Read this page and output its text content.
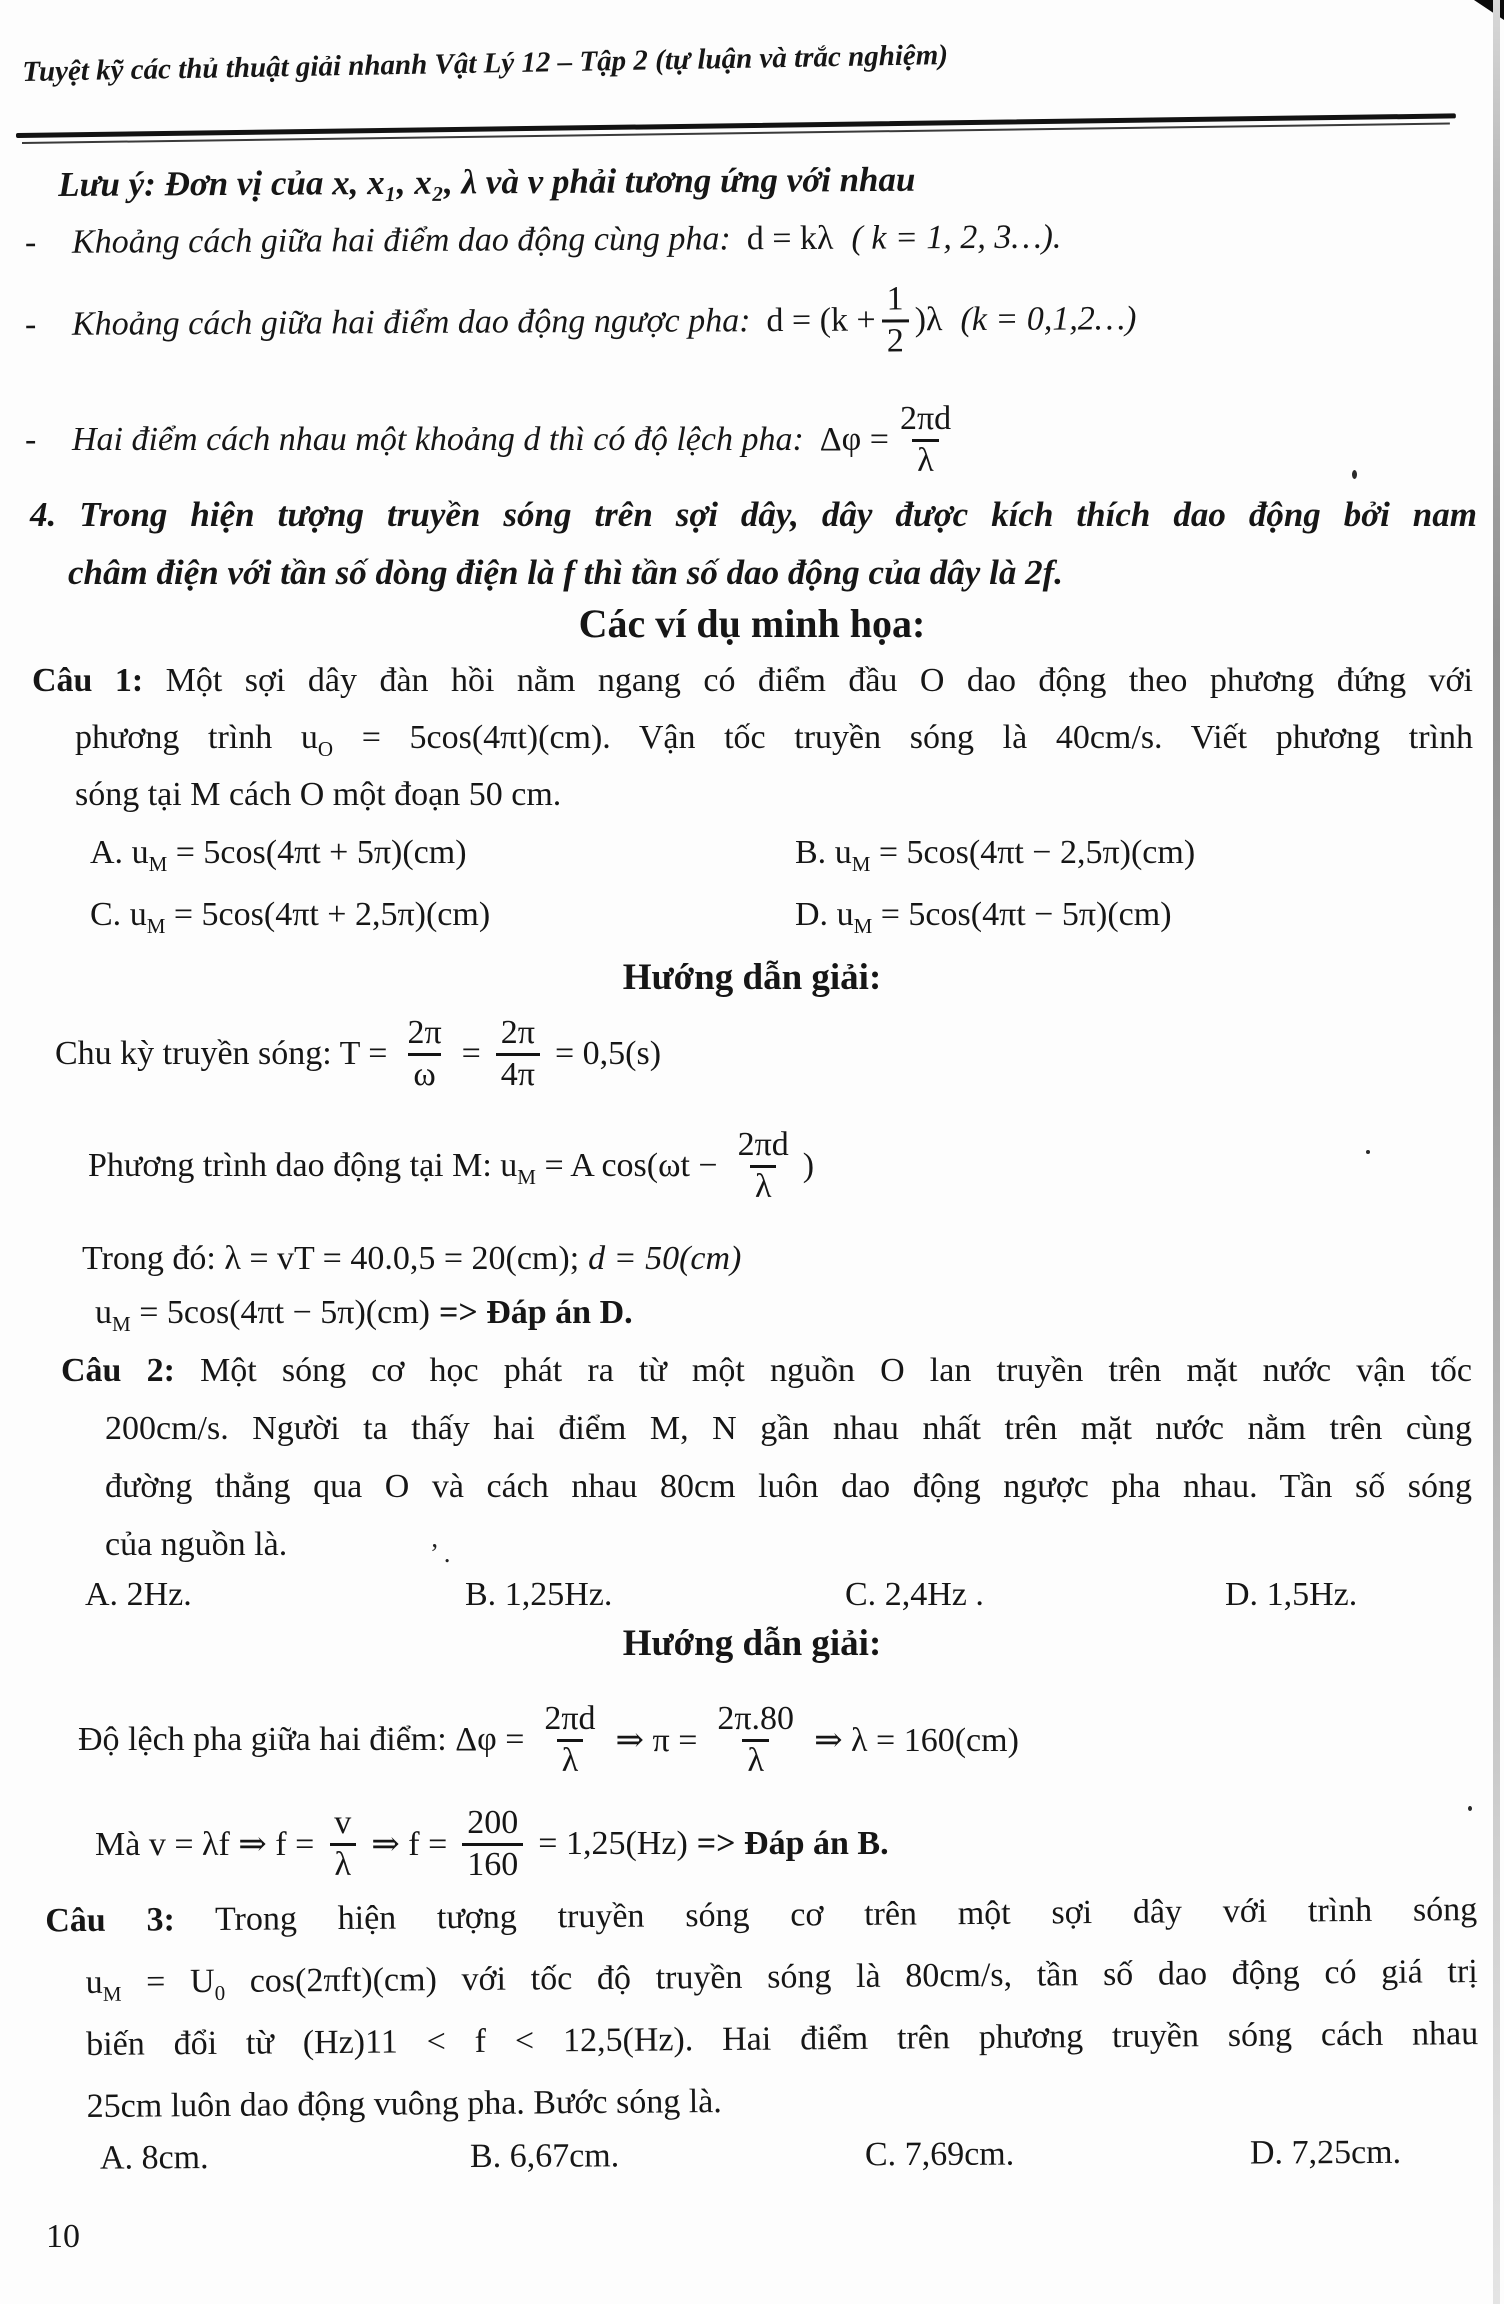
’ .
Tuyệt kỹ các thủ thuật giải nhanh Vật Lý 12 – Tập 2 (tự luận và trắc nghiệm)
Lưu ý: Đơn vị của x, x₁, x₂, λ và v phải tương ứng với nhau
-	Khoảng cách giữa hai điểm dao động cùng pha: d = kλ ( k = 1, 2, 3…).
-	Khoảng cách giữa hai điểm dao động ngược pha: $d = (k + \frac{1}{2} )\lambda$ (k = 0,1,2…)
-	Hai điểm cách nhau một khoảng d thì có độ lệch pha: $\Delta\varphi = \frac{2\pi d}{\lambda}$
4. Trong hiện tượng truyền sóng trên sợi dây, dây được kích thích dao động bởi nam
châm điện với tần số dòng điện là f thì tần số dao động của dây là 2f.
Các ví dụ minh họa:
Câu 1: Một sợi dây đàn hồi nằm ngang có điểm đầu O dao động theo phương đứng với
phương trình $u_O = 5\cos(4\pi t)(cm)$. Vận tốc truyền sóng là 40cm/s. Viết phương trình
sóng tại M cách O một đoạn 50 cm.
A. $u_M = 5\cos(4\pi t + 5\pi)(cm)$	B. $u_M = 5\cos(4\pi t - 2,5\pi)(cm)$
C. $u_M = 5\cos(4\pi t + 2,5\pi)(cm)$	D. $u_M = 5\cos(4\pi t - 5\pi)(cm)$
Hướng dẫn giải:
Chu kỳ truyền sóng: $T = \frac{2\pi}{\omega} = \frac{2\pi}{4\pi} = 0,5(s)$
Phương trình dao động tại M: $u_M = A$ $\cos(\omega t - \frac{2\pi d}{\lambda}$ )
Trong đó: λ = vT = 40.0,5 = 20(cm); d = 50(cm)
$u_M = 5\cos(4\pi t - 5\pi)(cm)$ => Đáp án D.
Câu 2: Một sóng cơ học phát ra từ một nguồn O lan truyền trên mặt nước vận tốc
200cm/s. Người ta thấy hai điểm M, N gần nhau nhất trên mặt nước nằm trên cùng
đường thẳng qua O và cách nhau 80cm luôn dao động ngược pha nhau. Tần số sóng
của nguồn là.
A. 2Hz.	B. 1,25Hz.	C. 2,4Hz .	D. 1,5Hz.
Hướng dẫn giải:
Độ lệch pha giữa hai điểm: $\Delta\varphi = \frac{2\pi d}{\lambda}$ ⇒ $\pi = \frac{2\pi.80}{\lambda}$ ⇒ λ = 160(cm)
Mà v = λf ⇒ $f = \frac{v}{\lambda}$ ⇒ $f = \frac{200}{160} = 1,25(Hz)$ => Đáp án B.
Câu 3: Trong hiện tượng truyền sóng cơ trên một sợi dây với trình sóng
$u_M = U_0$ cos(2πft)(cm) với tốc độ truyền sóng là 80cm/s, tần số dao động có giá trị
biến đổi từ (Hz)11 < f < 12,5(Hz). Hai điểm trên phương truyền sóng cách nhau
25cm luôn dao động vuông pha. Bước sóng là.
A. 8cm.	B. 6,67cm.	C. 7,69cm.	D. 7,25cm.
10
